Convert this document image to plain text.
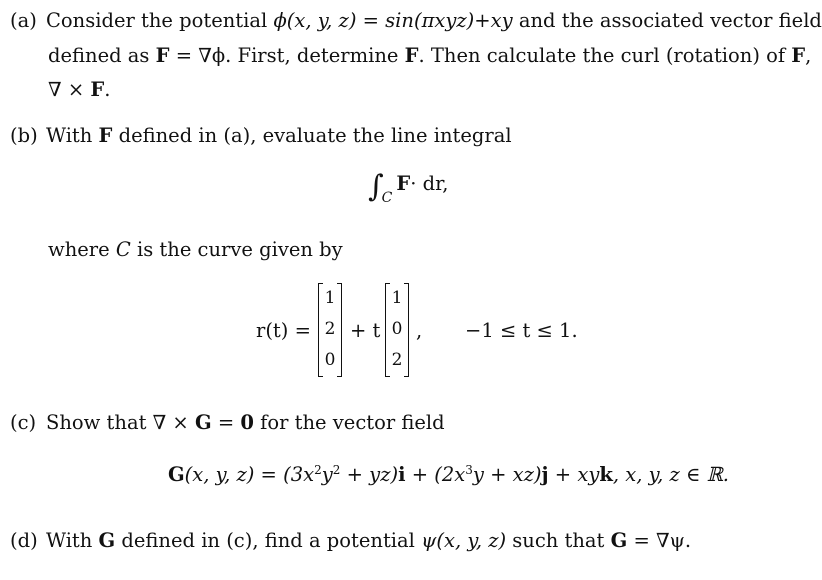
(a) Consider the potential ϕ(x, y, z) = sin(πxyz)+xy and the associated vector field
defined as F = ∇ϕ. First, determine F. Then calculate the curl (rotation) of F,
∇ × F.
(b) With F defined in (a), evaluate the line integral
$\int_CF\cdot$ dr,
where C is the curve given by
r(t) =
1
2
0
+ t
1
0
2
, −1 ≤ t ≤ 1.
(c) Show that ∇ × G = 0 for the vector field
G(x, y, $z) = (3x^2y^2 + yz)i + (2x^3y + xz)j$ + xyk, x, y, z ∈ ℝ.
(d) With G defined in (c), find a potential ψ(x, y, z) such that G = ∇ψ.
